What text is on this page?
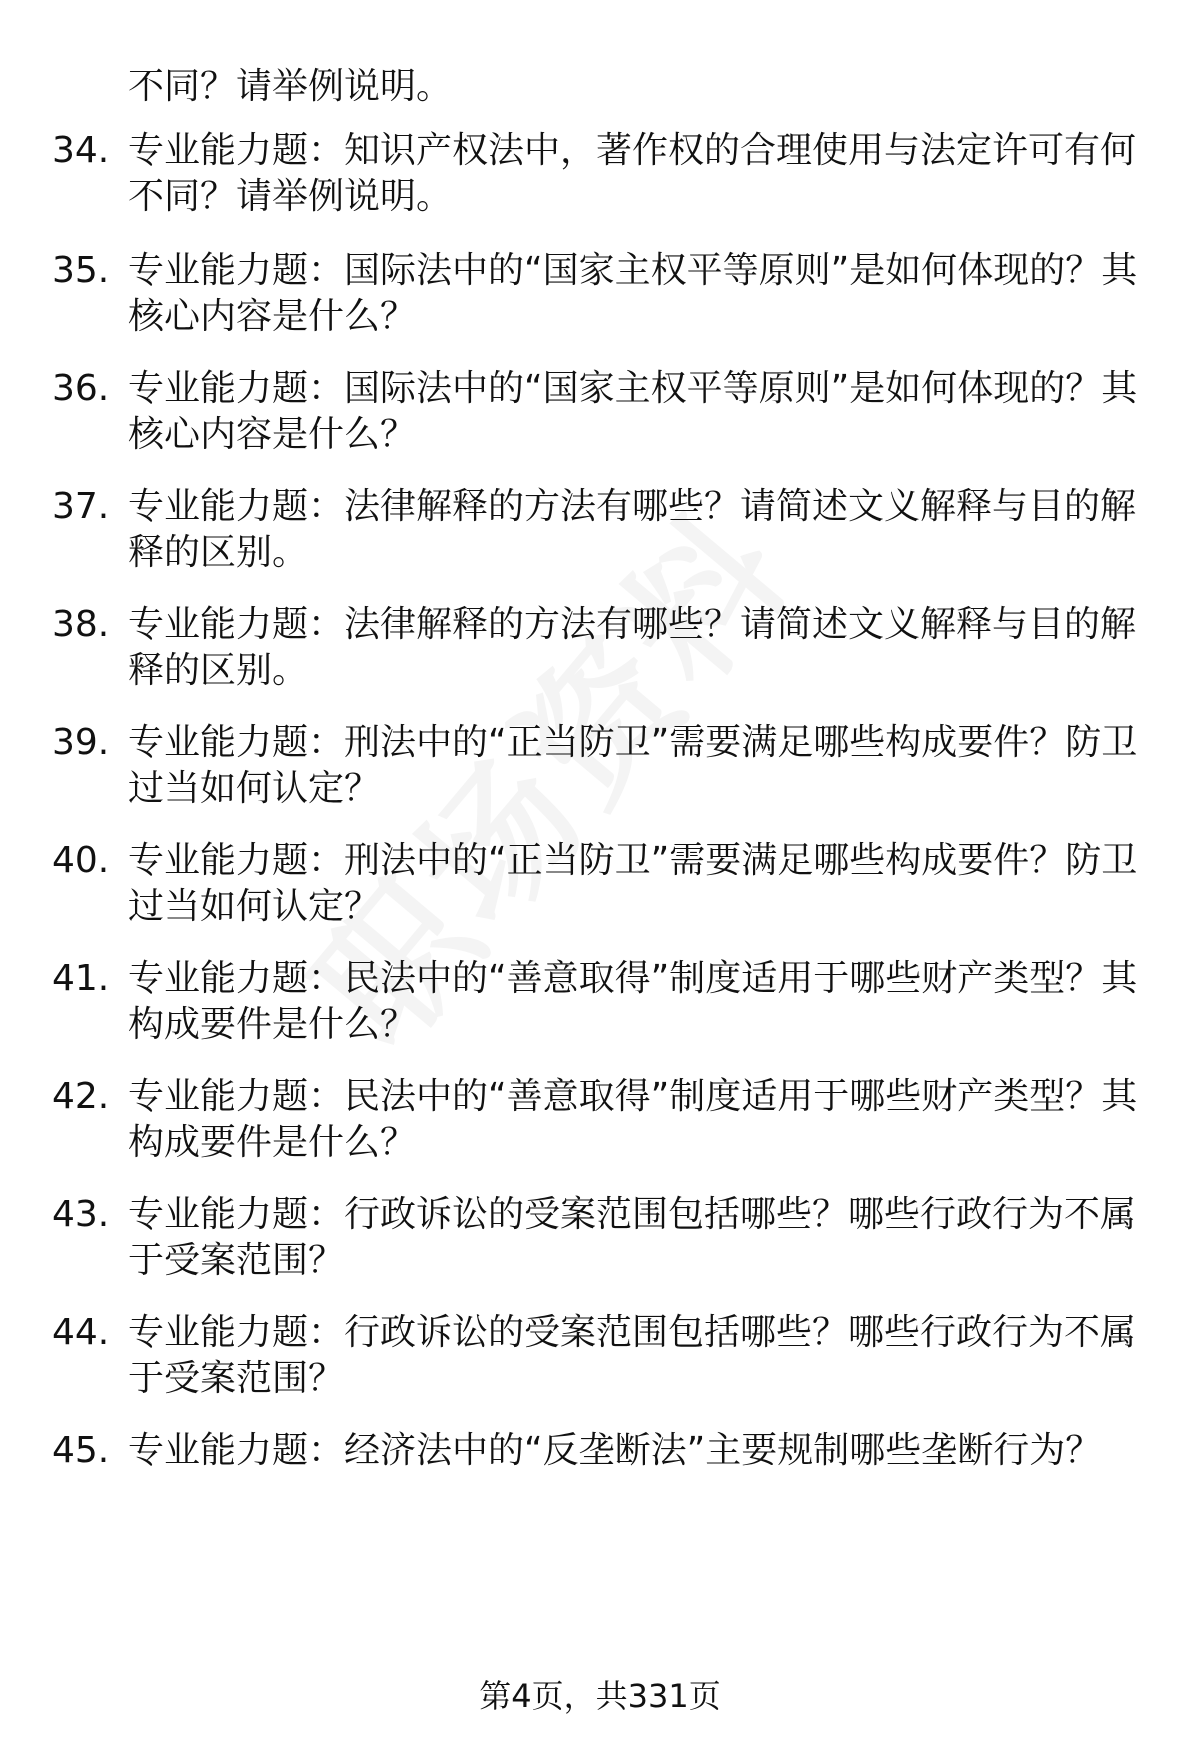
不同？请举例说明。
34. 专业能力题：知识产权法中，著作权的合理使用与法定许可有何不同？请举例说明。
35. 专业能力题：国际法中的“国家主权平等原则”是如何体现的？其核心内容是什么？
36. 专业能力题：国际法中的“国家主权平等原则”是如何体现的？其核心内容是什么？
37. 专业能力题：法律解释的方法有哪些？请简述文义解释与目的解释的区别。
38. 专业能力题：法律解释的方法有哪些？请简述文义解释与目的解释的区别。
39. 专业能力题：刑法中的“正当防卫”需要满足哪些构成要件？防卫过当如何认定？
40. 专业能力题：刑法中的“正当防卫”需要满足哪些构成要件？防卫过当如何认定？
41. 专业能力题：民法中的“善意取得”制度适用于哪些财产类型？其构成要件是什么？
42. 专业能力题：民法中的“善意取得”制度适用于哪些财产类型？其构成要件是什么？
43. 专业能力题：行政诉讼的受案范围包括哪些？哪些行政行为不属于受案范围？
44. 专业能力题：行政诉讼的受案范围包括哪些？哪些行政行为不属于受案范围？
45. 专业能力题：经济法中的“反垄断法”主要规制哪些垄断行为？
第4页，共331页
